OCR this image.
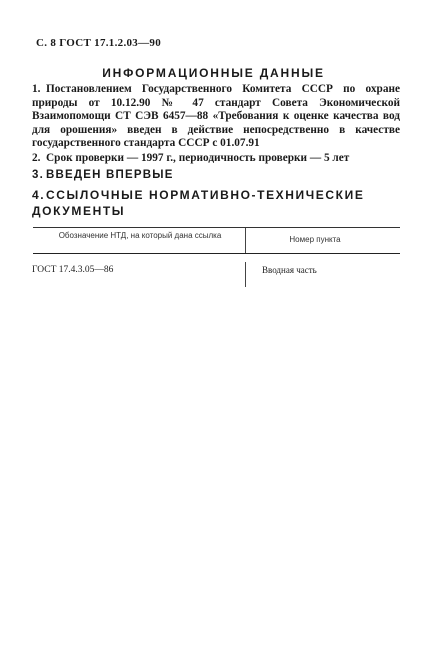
С. 8 ГОСТ 17.1.2.03—90
ИНФОРМАЦИОННЫЕ ДАННЫЕ
1. Постановлением Государственного Комитета СССР по охране природы от 10.12.90 № 47 стандарт Совета Экономической Взаимопомощи СТ СЭВ 6457—88 «Требования к оценке качества вод для орошения» введен в действие непосредственно в качестве государственного стандарта СССР с 01.07.91
2. Срок проверки — 1997 г., периодичность проверки — 5 лет
3. ВВЕДЕН ВПЕРВЫЕ
4.ССЫЛОЧНЫЕ НОРМАТИВНО-ТЕХНИЧЕСКИЕ ДОКУМЕНТЫ
Обозначение НТД, на который дана ссылка	Номер пункта
ГОСТ 17.4.3.05—86	Вводная часть
